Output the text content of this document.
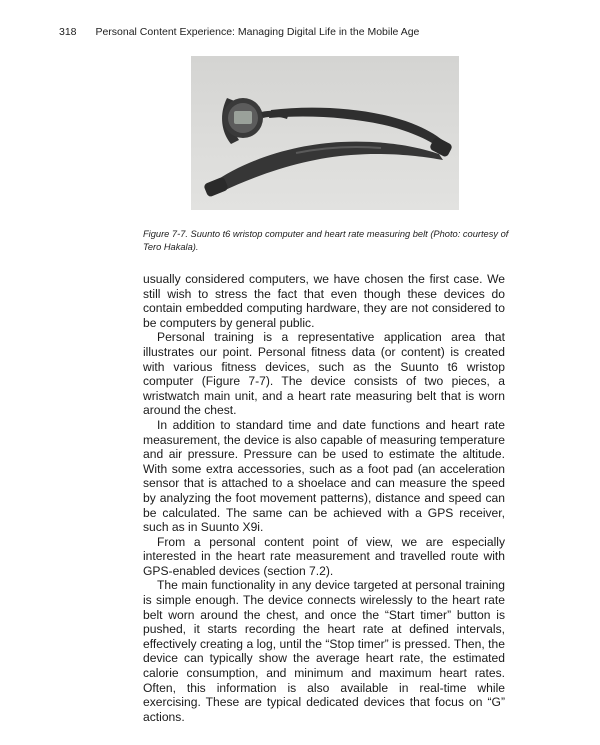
318 Personal Content Experience: Managing Digital Life in the Mobile Age
Figure 7-7. Suunto t6 wristop computer and heart rate measuring belt (Photo: courtesy of Tero Hakala).

usually considered computers, we have chosen the first case. We still wish to stress the fact that even though these devices do contain embedded computing hardware, they are not considered to be computers by general public.

Personal training is a representative application area that illustrates our point. Personal fitness data (or content) is created with various fitness devices, such as the Suunto t6 wristop computer (Figure 7-7). The device consists of two pieces, a wristwatch main unit, and a heart rate measuring belt that is worn around the chest.

In addition to standard time and date functions and heart rate measurement, the device is also capable of measuring temperature and air pressure. Pressure can be used to estimate the altitude. With some extra accessories, such as a foot pad (an acceleration sensor that is attached to a shoelace and can measure the speed by analyzing the foot movement patterns), distance and speed can be calculated. The same can be achieved with a GPS receiver, such as in Suunto X9i.

From a personal content point of view, we are especially interested in the heart rate measurement and travelled route with GPS-enabled devices (section 7.2).

The main functionality in any device targeted at personal training is simple enough. The device connects wirelessly to the heart rate belt worn around the chest, and once the “Start timer” button is pushed, it starts recording the heart rate at defined intervals, effectively creating a log, until the “Stop timer” is pressed. Then, the device can typically show the average heart rate, the estimated calorie consumption, and minimum and maximum heart rates. Often, this information is also available in real-time while exercising. These are typical dedicated devices that focus on “G” actions.
